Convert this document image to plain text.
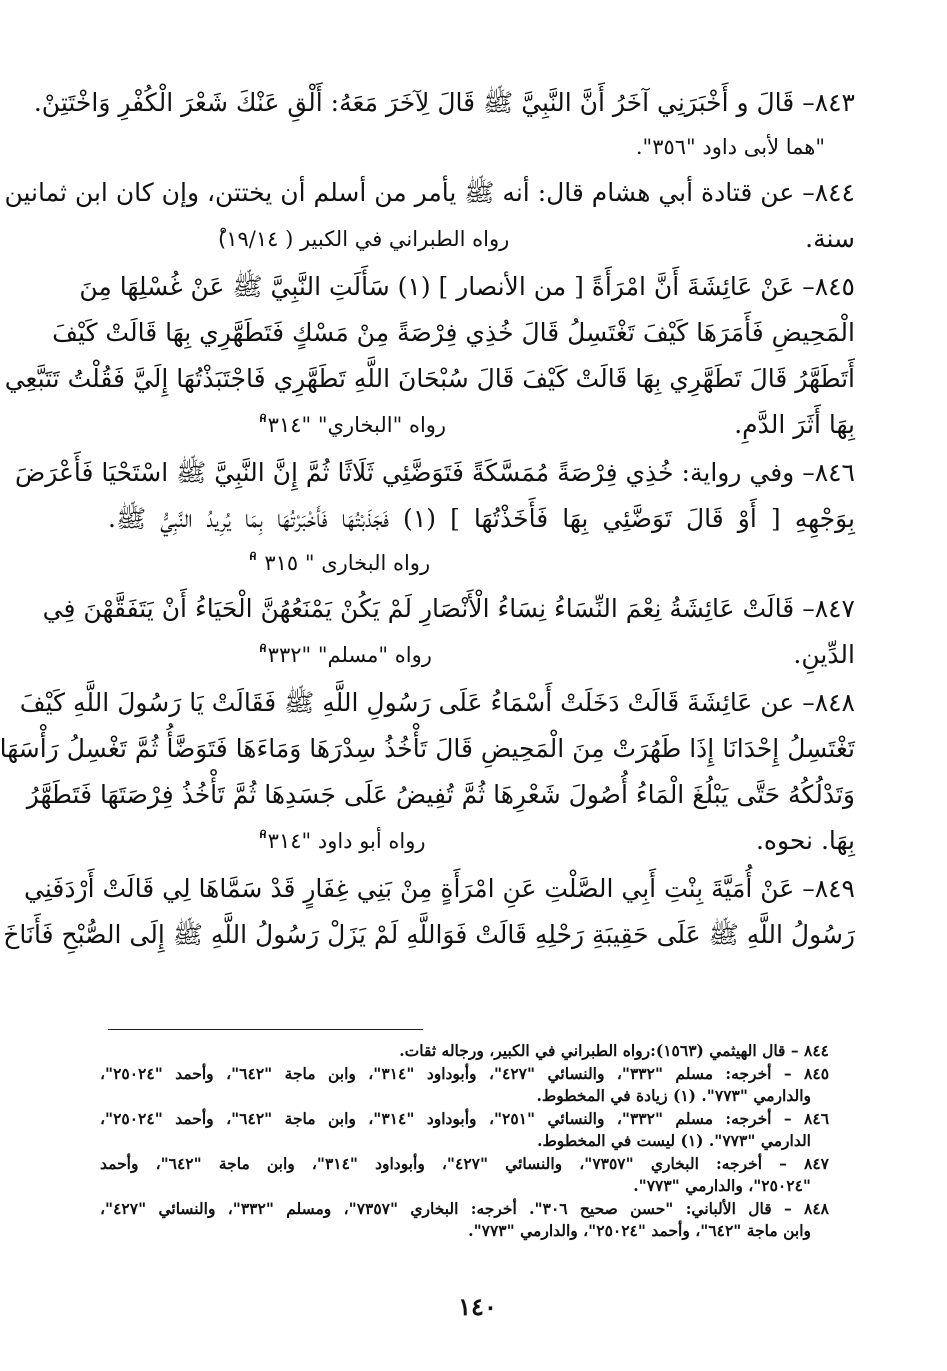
٨٤٣– قَالَ و أَخْبَرَنِي آخَرُ أَنَّ النَّبِيَّ ﷺ قَالَ لِآخَرَ مَعَهُ: أَلْقِ عَنْكَ شَعْرَ الْكُفْرِ وَاخْتَتِنْ.
"هما لأبى داود "٣٥٦".
٨٤٤– عن قتادة أبي هشام قال: أنه ﷺ يأمر من أسلم أن يختتن، وإن كان ابن ثمانين
سنة.
رواه الطبراني في الكبير ( ١٩/١٤)ْ
٨٤٥– عَنْ عَائِشَةَ أَنَّ امْرَأَةً [ من الأنصار ] (١) سَأَلَتِ النَّبِيَّ ﷺ عَنْ غُسْلِهَا مِنَ
الْمَحِيضِ فَأَمَرَهَا كَيْفَ تَغْتَسِلُ قَالَ خُذِي فِرْصَةً مِنْ مَسْكٍ فَتَطَهَّرِي بِهَا قَالَتْ كَيْفَ
أَتَطَهَّرُ قَالَ تَطَهَّرِي بِهَا قَالَتْ كَيْفَ قَالَ سُبْحَانَ اللَّهِ تَطَهَّرِي فَاجْتَبَذْتُهَا إِلَيَّ فَقُلْتُ تَتَبَّعِي
بِهَا أَثَرَ الدَّمِ.
رواه "البخاري" "٣١٤"ْ
٨٤٦– وفي رواية: خُذِي فِرْصَةً مُمَسَّكَةً فَتَوَضَّئِي ثَلَاثًا ثُمَّ إِنَّ النَّبِيَّ ﷺ اسْتَحْيَا فَأَعْرَضَ
بِوَجْهِهِ [ أَوْ قَالَ تَوَضَّئِي بِهَا فَأَخَذْتُهَا ] (١) فَجَذَبْتُهَا فَأَخْبَرْتُهَا بِمَا يُرِيدُ النَّبِيُّ ﷺ.
رواه البخارى " ٣١٥ "ْ
٨٤٧– قَالَتْ عَائِشَةُ نِعْمَ النِّسَاءُ نِسَاءُ الْأَنْصَارِ لَمْ يَكُنْ يَمْنَعُهُنَّ الْحَيَاءُ أَنْ يَتَفَقَّهْنَ فِي
الدِّينِ.
رواه "مسلم" "٣٣٢"ْ
٨٤٨– عن عَائِشَةَ قَالَتْ دَخَلَتْ أَسْمَاءُ عَلَى رَسُولِ اللَّهِ ﷺ فَقَالَتْ يَا رَسُولَ اللَّهِ كَيْفَ
تَغْتَسِلُ إِحْدَانَا إِذَا طَهُرَتْ مِنَ الْمَحِيضِ قَالَ تَأْخُذُ سِدْرَهَا وَمَاءَهَا فَتَوَضَّأُ ثُمَّ تَغْسِلُ رَأْسَهَا
وَتَدْلُكُهُ حَتَّى يَبْلُغَ الْمَاءُ أُصُولَ شَعْرِهَا ثُمَّ تُفِيضُ عَلَى جَسَدِهَا ثُمَّ تَأْخُذُ فِرْصَتَهَا فَتَطَهَّرُ
بِهَا. نحوه.
رواه أبو داود "٣١٤"ْ
٨٤٩– عَنْ أُمَيَّةَ بِنْتِ أَبِي الصَّلْتِ عَنِ امْرَأَةٍ مِنْ بَنِي غِفَارٍ قَدْ سَمَّاهَا لِي قَالَتْ أَرْدَفَنِي
رَسُولُ اللَّهِ ﷺ عَلَى حَقِيبَةِ رَحْلِهِ قَالَتْ فَوَاللَّهِ لَمْ يَزَلْ رَسُولُ اللَّهِ ﷺ إِلَى الصُّبْحِ فَأَنَاخَ
٨٤٤ – قال الهيثمي (١٥٦٣):رواه الطبراني في الكبير، ورجاله ثقات.
٨٤٥ – أخرجه: مسلم "٣٣٢"، والنسائي "٤٢٧"، وأبوداود "٣١٤"، وابن ماجة "٦٤٢"، وأحمد "٢٥٠٢٤"،
والدارمي "٧٧٣". (١) زيادة في المخطوط.
٨٤٦ – أخرجه: مسلم "٣٣٢"، والنسائي "٢٥١"، وأبوداود "٣١٤"، وابن ماجة "٦٤٢"، وأحمد "٢٥٠٢٤"،
الدارمي "٧٧٣". (١) ليست في المخطوط.
٨٤٧ – أخرجه: البخاري "٧٣٥٧"، والنسائي "٤٢٧"، وأبوداود "٣١٤"، وابن ماجة "٦٤٢"، وأحمد
"٢٥٠٢٤"، والدارمي "٧٧٣".
٨٤٨ – قال الألباني: "حسن صحيح ٣٠٦". أخرجه: البخاري "٧٣٥٧"، ومسلم "٣٣٢"، والنسائي "٤٢٧"،
وابن ماجة "٦٤٢"، وأحمد "٢٥٠٢٤"، والدارمي "٧٧٣".
١٤٠
